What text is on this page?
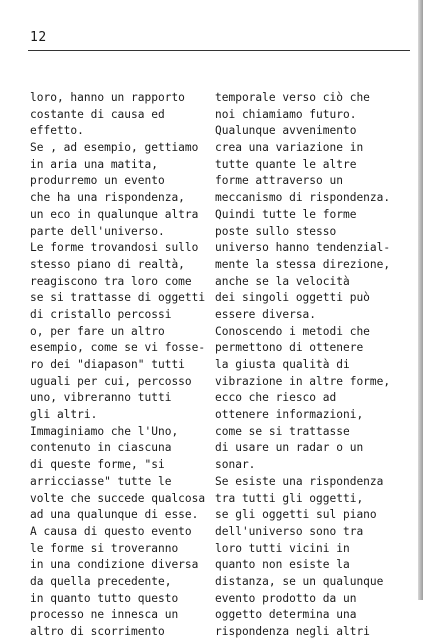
12
loro, hanno un rapporto
costante di causa ed
effetto.
Se , ad esempio, gettiamo
in aria una matita,
produrremo un evento
che ha una rispondenza,
un eco in qualunque altra
parte dell'universo.
Le forme trovandosi sullo
stesso piano di realtà,
reagiscono tra loro come
se si trattasse di oggetti
di cristallo percossi
o, per fare un altro
esempio, come se vi fosse-
ro dei "diapason" tutti
uguali per cui, percosso
uno, vibreranno tutti
gli altri.
Immaginiamo che l'Uno,
contenuto in ciascuna
di queste forme, "si
arricciasse" tutte le
volte che succede qualcosa
ad una qualunque di esse.
A causa di questo evento
le forme si troveranno
in una condizione diversa
da quella precedente,
in quanto tutto questo
processo ne innesca un
altro di scorrimento
temporale verso ciò che
noi chiamiamo futuro.
Qualunque avvenimento
crea una variazione in
tutte quante le altre
forme attraverso un
meccanismo di rispondenza.
Quindi tutte le forme
poste sullo stesso
universo hanno tendenzial-
mente la stessa direzione,
anche se la velocità
dei singoli oggetti può
essere diversa.
Conoscendo i metodi che
permettono di ottenere
la giusta qualità di
vibrazione in altre forme,
ecco che riesco ad
ottenere informazioni,
come se si trattasse
di usare un radar o un
sonar.
Se esiste una rispondenza
tra tutti gli oggetti,
se gli oggetti sul piano
dell'universo sono tra
loro tutti vicini in
quanto non esiste la
distanza, se un qualunque
evento prodotto da un
oggetto determina una
rispondenza negli altri
